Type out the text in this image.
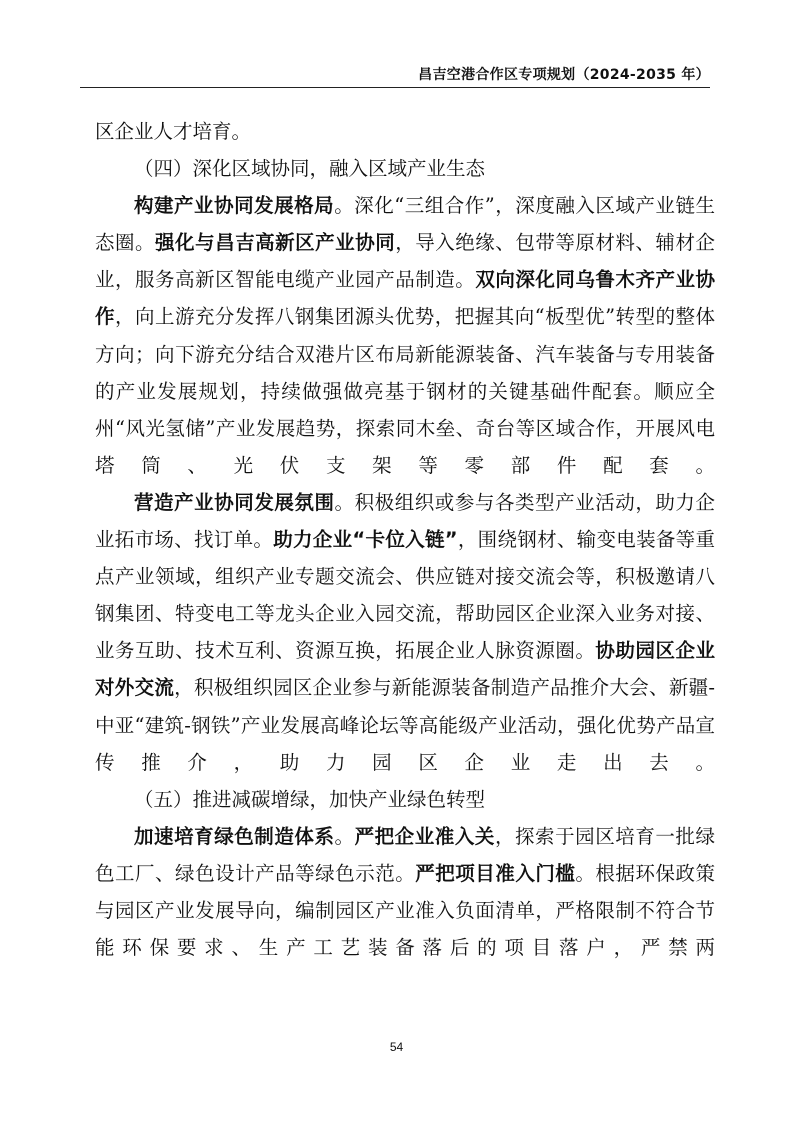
昌吉空港合作区专项规划（2024-2035 年）

区企业人才培育。

（四）深化区域协同，融入区域产业生态

构建产业协同发展格局。深化“三组合作”，深度融入区域产业链生态圈。强化与昌吉高新区产业协同，导入绝缘、包带等原材料、辅材企业，服务高新区智能电缆产业园产品制造。双向深化同乌鲁木齐产业协作，向上游充分发挥八钢集团源头优势，把握其向“板型优”转型的整体方向；向下游充分结合双港片区布局新能源装备、汽车装备与专用装备的产业发展规划，持续做强做亮基于钢材的关键基础件配套。顺应全州“风光氢储”产业发展趋势，探索同木垒、奇台等区域合作，开展风电塔筒、光伏支架等零部件配套。

营造产业协同发展氛围。积极组织或参与各类型产业活动，助力企业拓市场、找订单。助力企业“卡位入链”，围绕钢材、输变电装备等重点产业领域，组织产业专题交流会、供应链对接交流会等，积极邀请八钢集团、特变电工等龙头企业入园交流，帮助园区企业深入业务对接、业务互助、技术互利、资源互换，拓展企业人脉资源圈。协助园区企业对外交流，积极组织园区企业参与新能源装备制造产品推介大会、新疆-中亚“建筑-钢铁”产业发展高峰论坛等高能级产业活动，强化优势产品宣传推介，助力园区企业走出去。

（五）推进减碳增绿，加快产业绿色转型

加速培育绿色制造体系。严把企业准入关，探索于园区培育一批绿色工厂、绿色设计产品等绿色示范。严把项目准入门槛。根据环保政策与园区产业发展导向，编制园区产业准入负面清单，严格限制不符合节能环保要求、生产工艺装备落后的项目落户，严禁两

54
